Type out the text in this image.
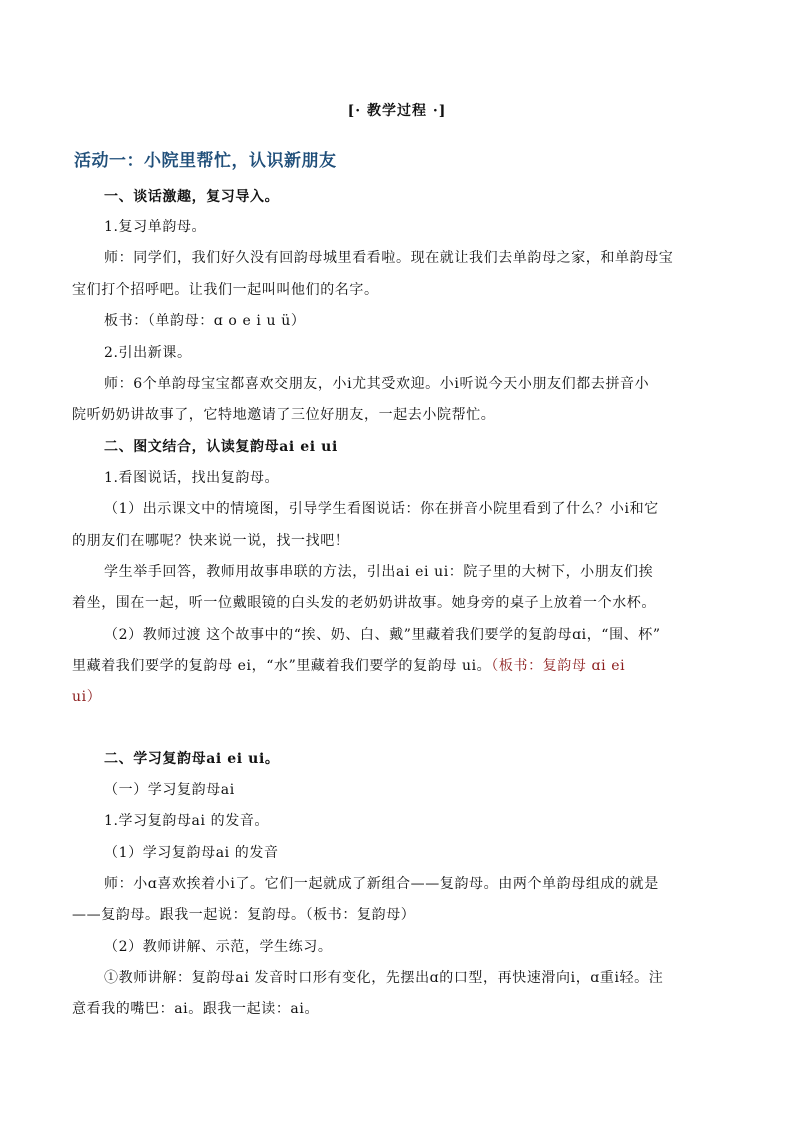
[· 教学过程 ·]
活动一：小院里帮忙，认识新朋友
一、谈话激趣，复习导入。
1.复习单韵母。
师：同学们，我们好久没有回韵母城里看看啦。现在就让我们去单韵母之家，和单韵母宝
宝们打个招呼吧。让我们一起叫叫他们的名字。
板书：（单韵母：ɑ o e i u ü）
2.引出新课。
师：6个单韵母宝宝都喜欢交朋友，小i尤其受欢迎。小i听说今天小朋友们都去拼音小
院听奶奶讲故事了，它特地邀请了三位好朋友，一起去小院帮忙。
二、图文结合，认读复韵母ai ei ui
1.看图说话，找出复韵母。
（1）出示课文中的情境图，引导学生看图说话：你在拼音小院里看到了什么？小i和它
的朋友们在哪呢？快来说一说，找一找吧！
学生举手回答，教师用故事串联的方法，引出ai ei ui：院子里的大树下，小朋友们挨
着坐，围在一起，听一位戴眼镜的白头发的老奶奶讲故事。她身旁的桌子上放着一个水杯。
（2）教师过渡 这个故事中的“挨、奶、白、戴”里藏着我们要学的复韵母ɑi，“围、杯”
里藏着我们要学的复韵母 ei，“水”里藏着我们要学的复韵母 ui。（板书：复韵母 ɑi ei
ui）
二、学习复韵母ai ei ui。
（一）学习复韵母ai
1.学习复韵母ai 的发音。
（1）学习复韵母ai 的发音
师：小ɑ喜欢挨着小i了。它们一起就成了新组合——复韵母。由两个单韵母组成的就是
——复韵母。跟我一起说：复韵母。（板书：复韵母）
（2）教师讲解、示范，学生练习。
①教师讲解：复韵母ai 发音时口形有变化，先摆出ɑ的口型，再快速滑向i，ɑ重i轻。注
意看我的嘴巴：ai。跟我一起读：ai。
